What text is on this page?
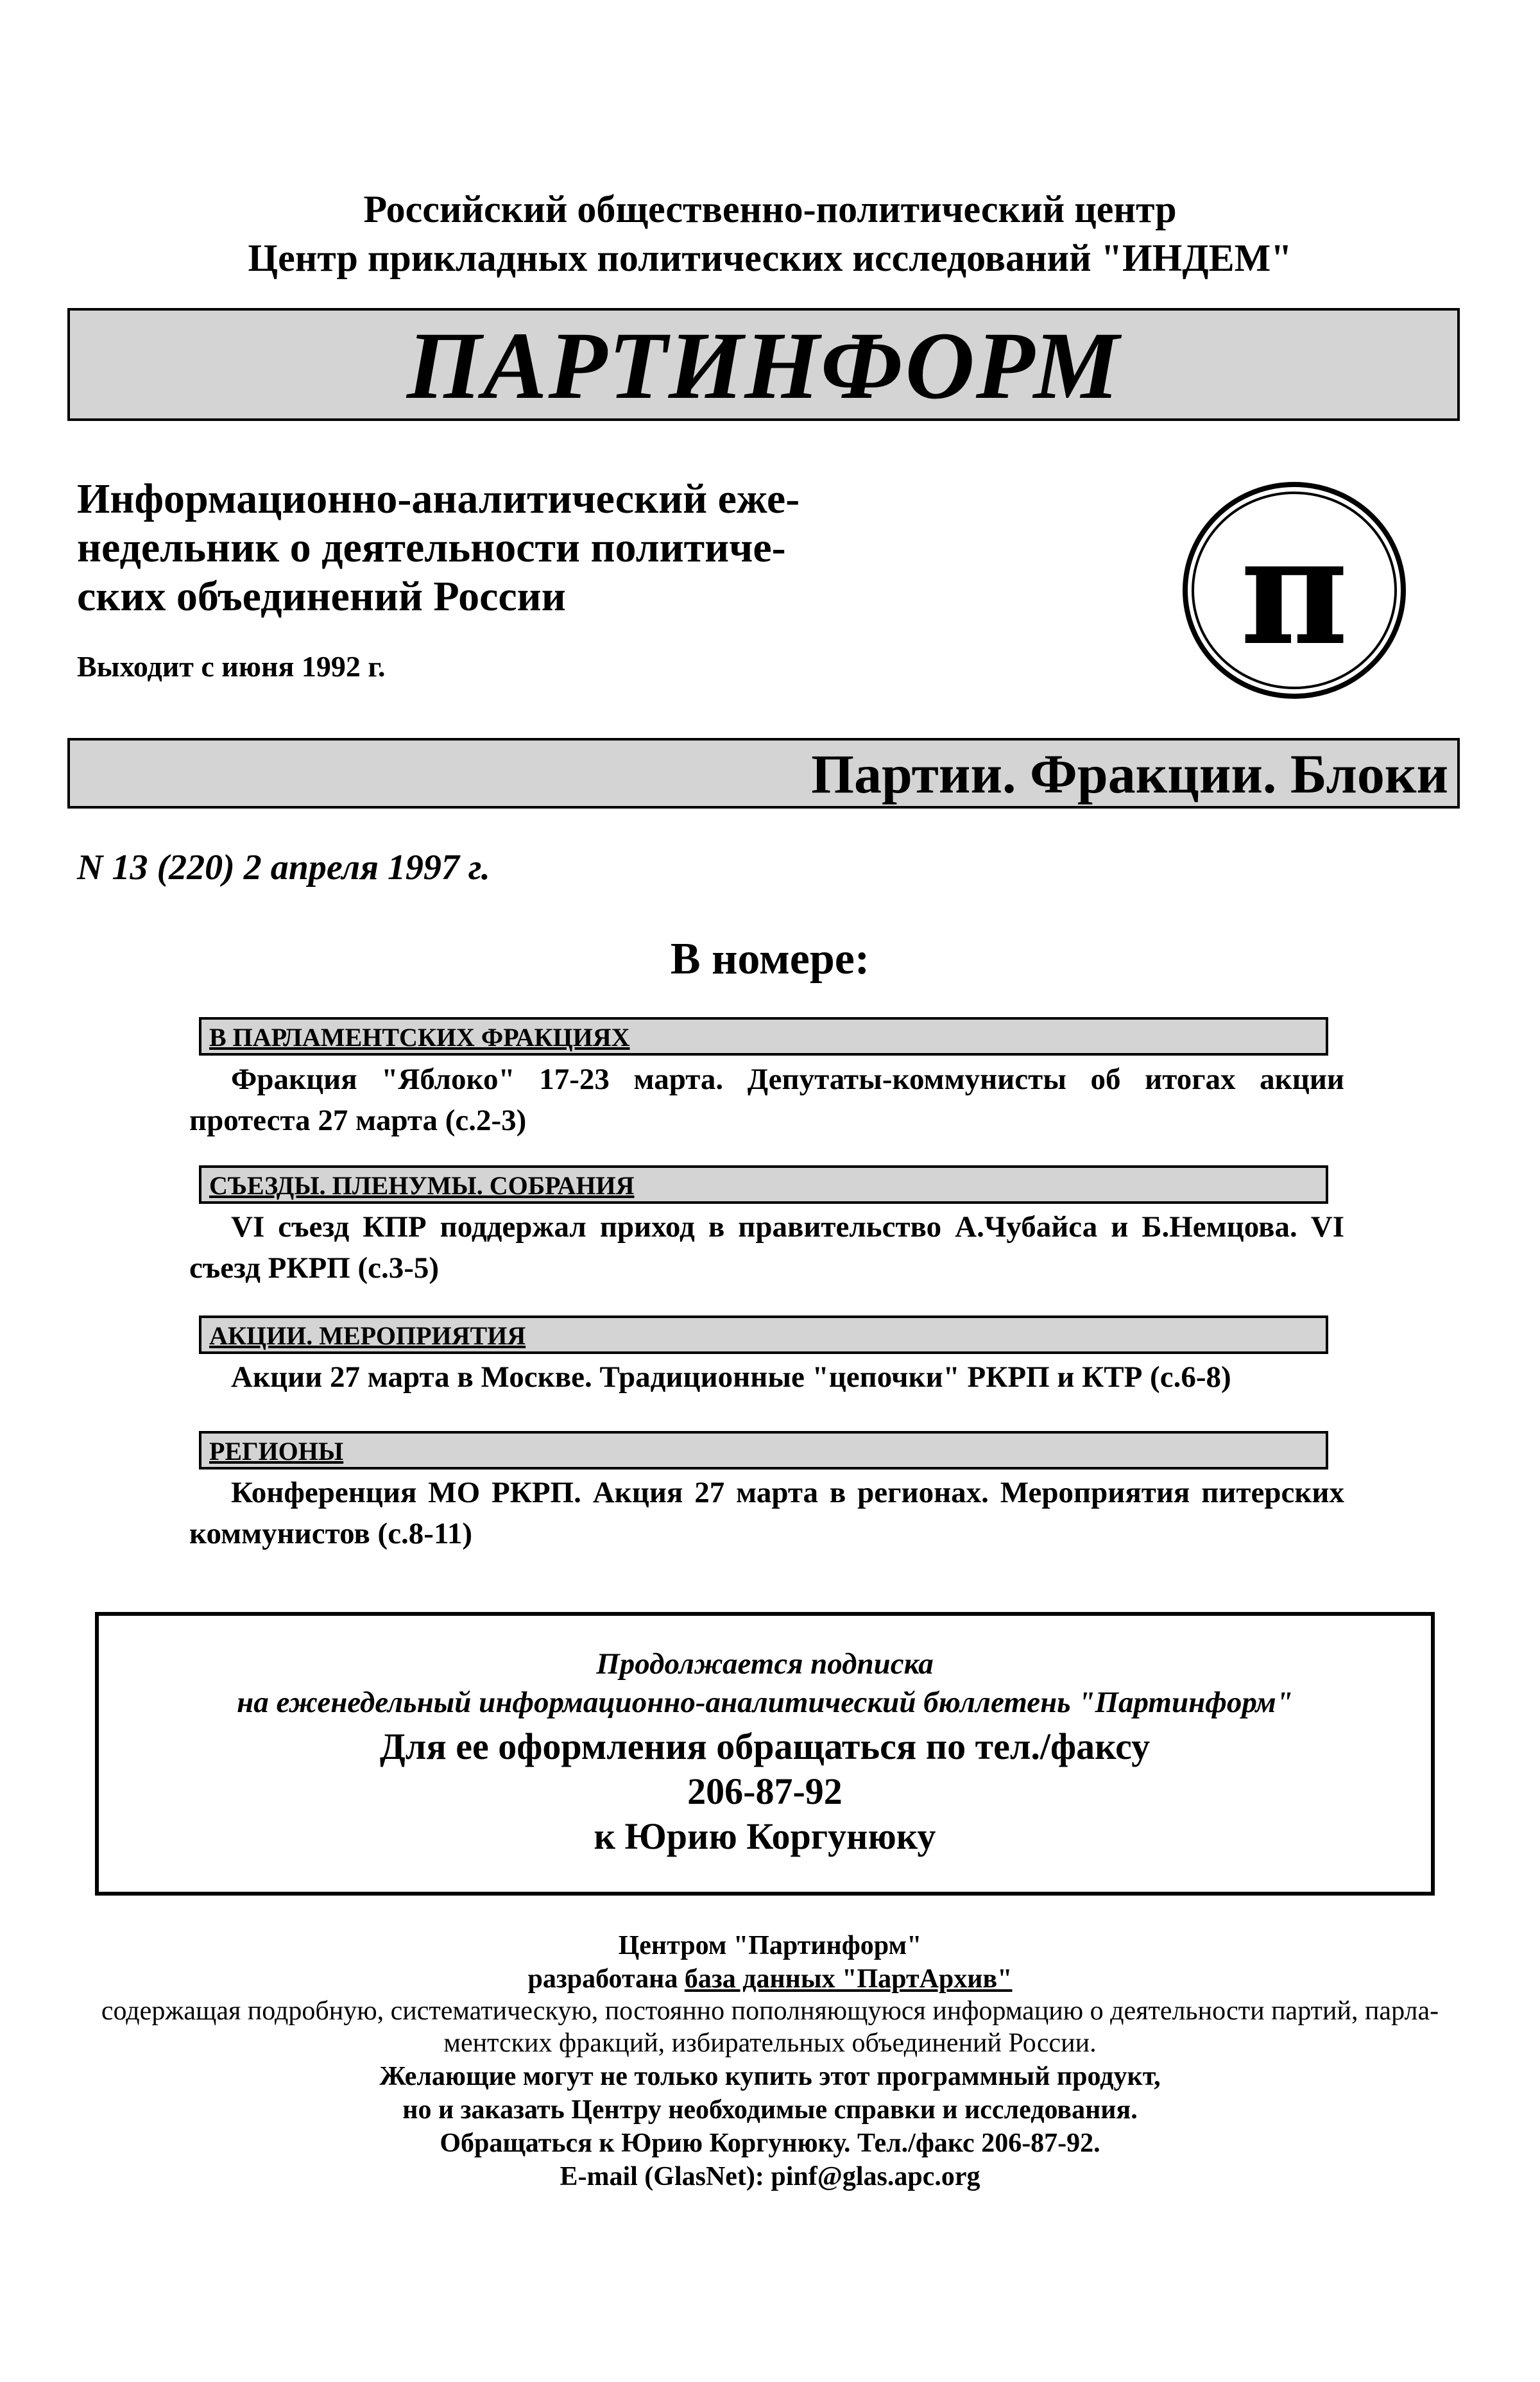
Российский общественно-политический центр
Центр прикладных политических исследований "ИНДЕМ"
ПАРТИНФОРМ
Информационно-аналитический еже-
недельник о деятельности политиче-
ских объединений России
Выходит с июня 1992 г.	π
Партии. Фракции. Блоки
N 13 (220) 2 апреля 1997 г.
В номере:
В ПАРЛАМЕНТСКИХ ФРАКЦИЯХ
Фракция "Яблоко" 17-23 марта. Депутаты-коммунисты об итогах акции протеста 27 марта (с.2-3)
СЪЕЗДЫ. ПЛЕНУМЫ. СОБРАНИЯ
VI съезд КПР поддержал приход в правительство А.Чубайса и Б.Немцова. VI съезд РКРП (с.3-5)
АКЦИИ. МЕРОПРИЯТИЯ
Акции 27 марта в Москве. Традиционные "цепочки" РКРП и КТР (с.6-8)
РЕГИОНЫ
Конференция МО РКРП. Акция 27 марта в регионах. Мероприятия питерских коммунистов (с.8-11)
Продолжается подписка
на еженедельный информационно-аналитический бюллетень "Партинформ"
Для ее оформления обращаться по тел./факсу
206-87-92
к Юрию Коргунюку
Центром "Партинформ"
разработана база данных "ПартАрхив"
содержащая подробную, систематическую, постоянно пополняющуюся информацию о деятельности партий, парла-
ментских фракций, избирательных объединений России.
Желающие могут не только купить этот программный продукт,
но и заказать Центру необходимые справки и исследования.
Обращаться к Юрию Коргунюку. Тел./факс 206-87-92.
E-mail (GlasNet): pinf@glas.apc.org
